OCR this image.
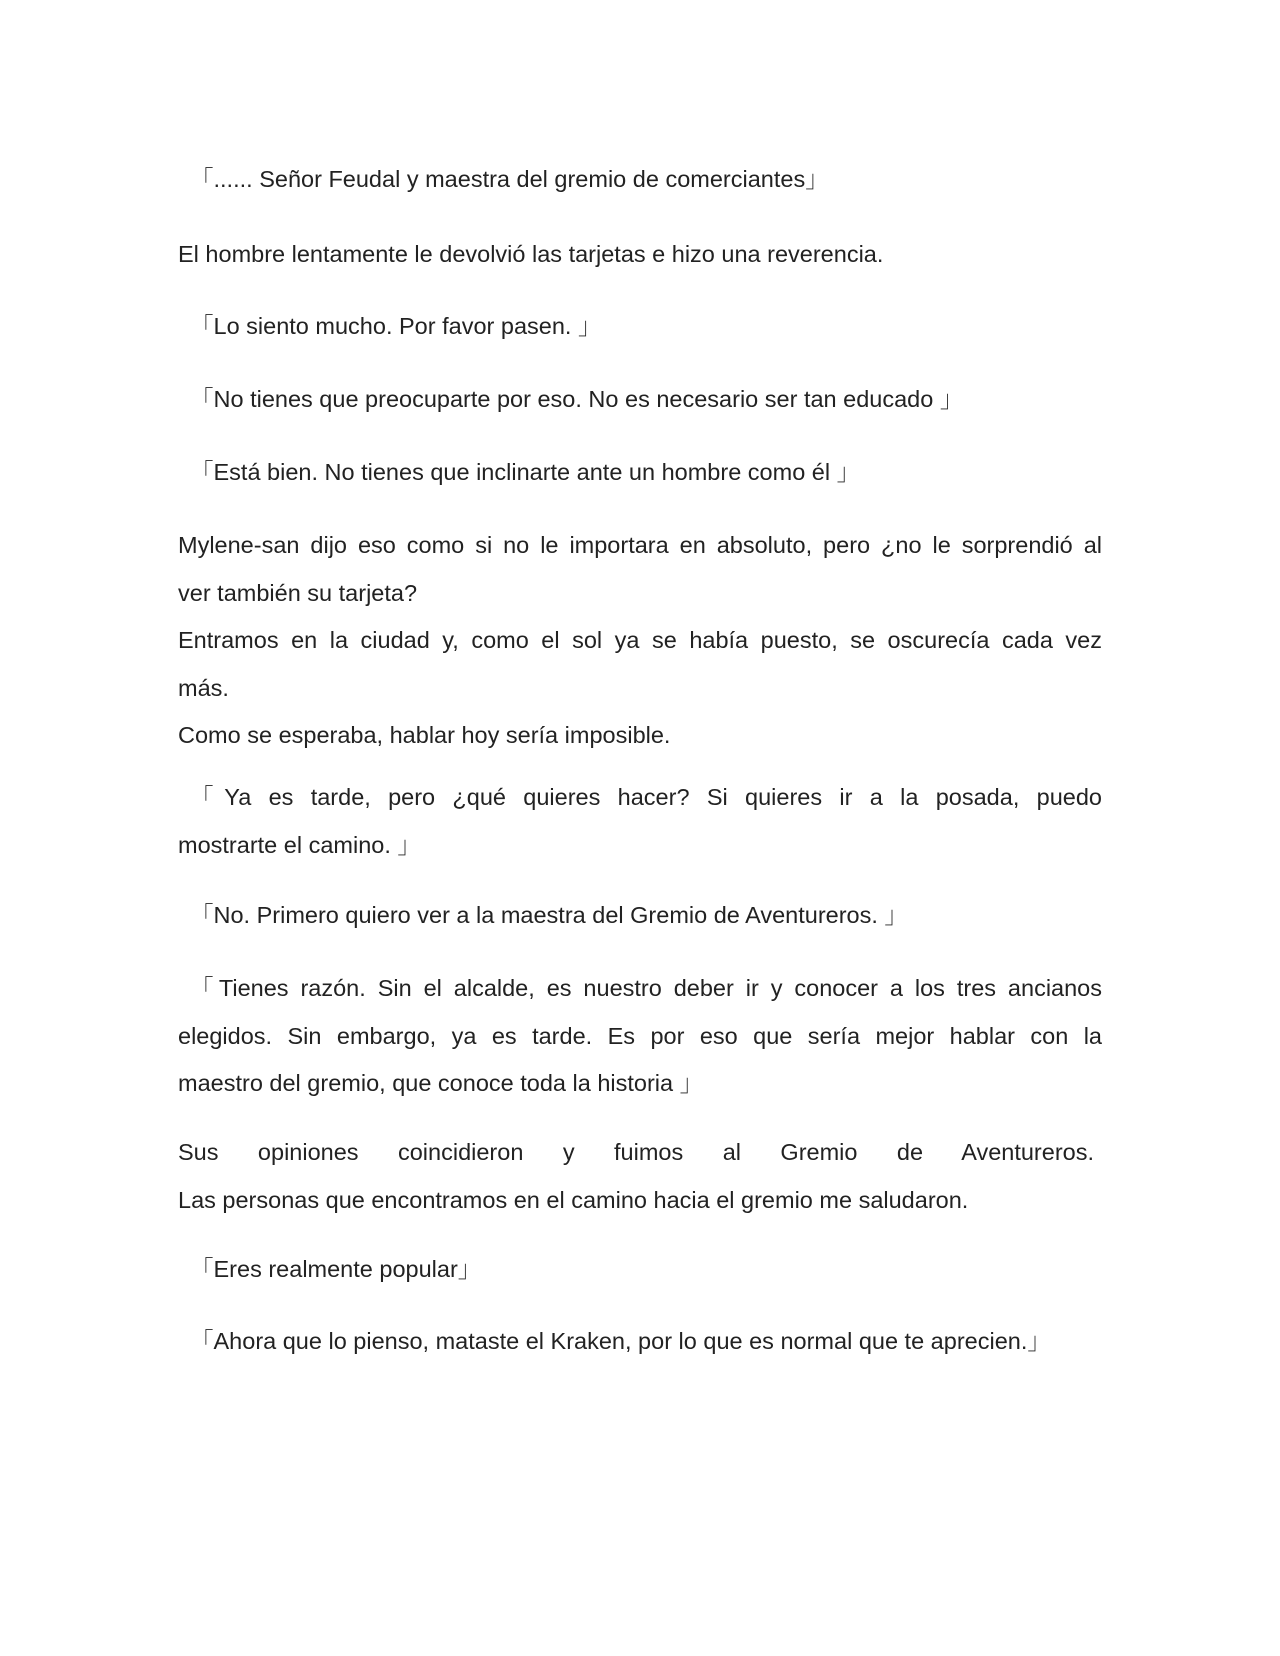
「...... Señor Feudal y maestra del gremio de comerciantes」

El hombre lentamente le devolvió las tarjetas e hizo una reverencia.

「Lo siento mucho. Por favor pasen. 」

「No tienes que preocuparte por eso. No es necesario ser tan educado 」

「Está bien. No tienes que inclinarte ante un hombre como él 」

Mylene-san dijo eso como si no le importara en absoluto, pero ¿no le sorprendió al
ver también su tarjeta?
Entramos en la ciudad y, como el sol ya se había puesto, se oscurecía cada vez
más.
Como se esperaba, hablar hoy sería imposible.

「Ya es tarde, pero ¿qué quieres hacer? Si quieres ir a la posada, puedo
mostrarte el camino. 」

「No. Primero quiero ver a la maestra del Gremio de Aventureros. 」

「Tienes razón. Sin el alcalde, es nuestro deber ir y conocer a los tres ancianos
elegidos. Sin embargo, ya es tarde. Es por eso que sería mejor hablar con la
maestro del gremio, que conoce toda la historia 」

Sus opiniones coincidieron y fuimos al Gremio de Aventureros.
Las personas que encontramos en el camino hacia el gremio me saludaron.

「Eres realmente popular」

「Ahora que lo pienso, mataste el Kraken, por lo que es normal que te aprecien.」
